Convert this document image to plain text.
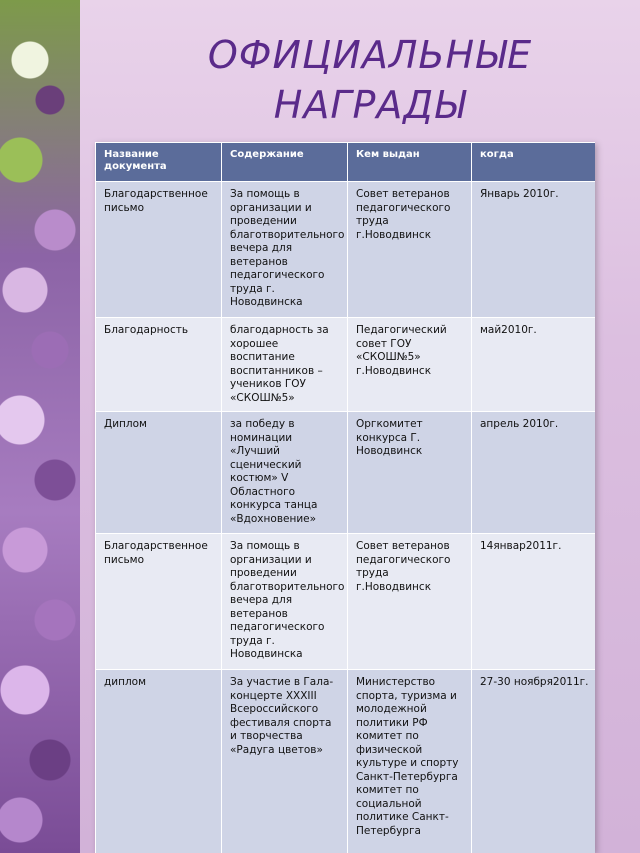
ОФИЦИАЛЬНЫЕ НАГРАДЫ
Название документа	Содержание	Кем выдан	когда
Благодарственное письмо	За помощь в организации и проведении благотворительного вечера для ветеранов педагогического труда г. Новодвинска	Совет ветеранов педагогического труда г.Новодвинск	Январь 2010г.
Благодарность	благодарность за хорошее воспитание воспитанников – учеников ГОУ «СКОШ№5»	Педагогический совет ГОУ «СКОШ№5» г.Новодвинск	май2010г.
Диплом	за победу в номинации «Лучший сценический костюм» V Областного конкурса танца «Вдохновение»	Оргкомитет конкурса Г. Новодвинск	апрель 2010г.
Благодарственное письмо	За помощь в организации и проведении благотворительного вечера для ветеранов педагогического труда г. Новодвинска	Совет ветеранов педагогического труда г.Новодвинск	14январ2011г.
диплом	За участие в Гала-концерте XXXIII Всероссийского фестиваля спорта и творчества «Радуга цветов»	Министерство спорта, туризма и молодежной политики РФ комитет по физической культуре и спорту Санкт-Петербурга комитет по социальной политике Санкт-Петербурга	27-30 ноября2011г.
